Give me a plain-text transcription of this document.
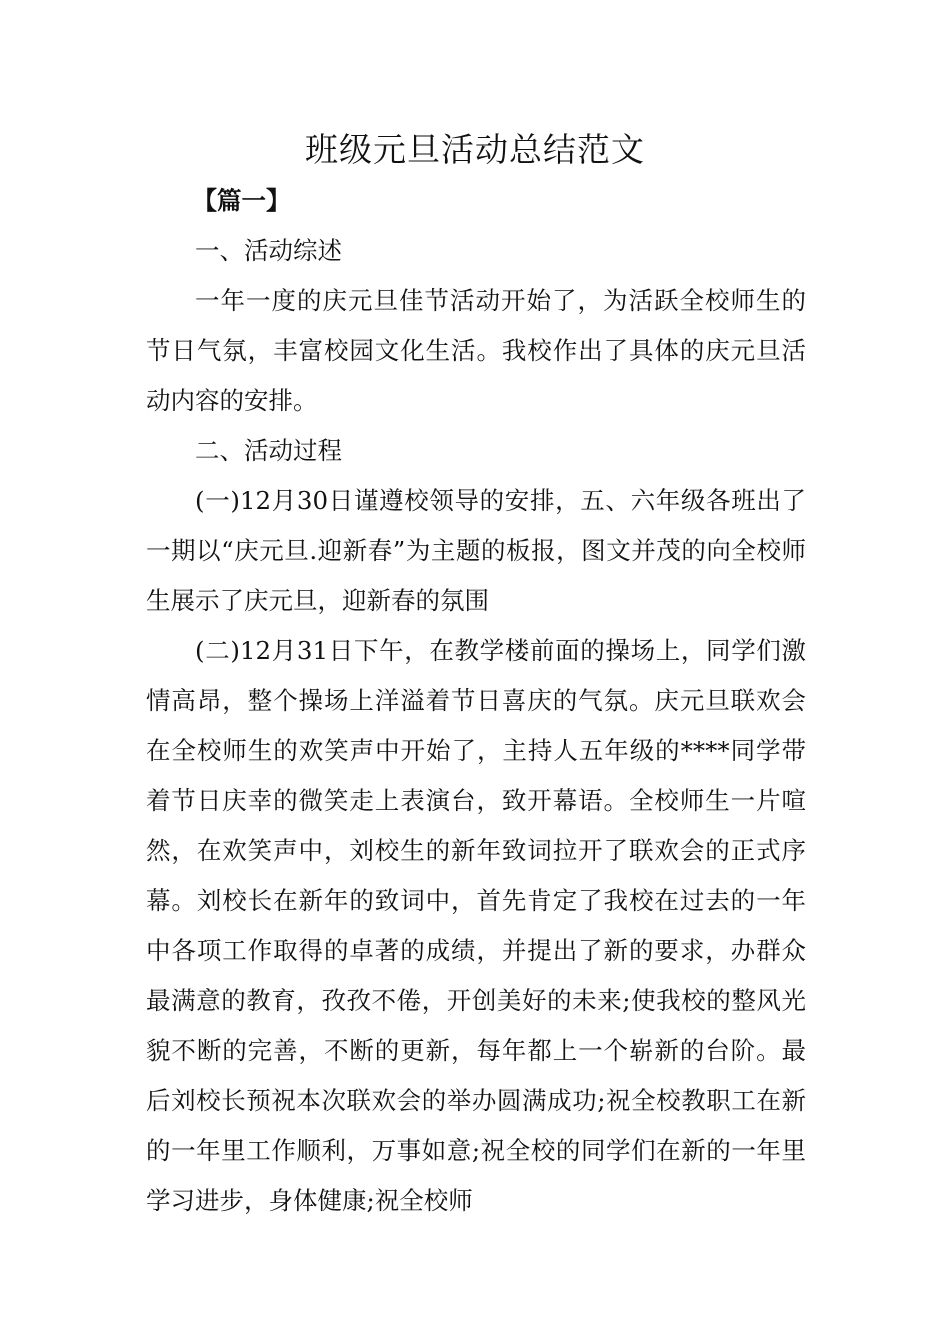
班级元旦活动总结范文

【篇一】

一、活动综述

一年一度的庆元旦佳节活动开始了，为活跃全校师生的节日气氛，丰富校园文化生活。我校作出了具体的庆元旦活动内容的安排。

二、活动过程

(一)12月30日谨遵校领导的安排，五、六年级各班出了一期以“庆元旦.迎新春”为主题的板报，图文并茂的向全校师生展示了庆元旦，迎新春的氛围

(二)12月31日下午，在教学楼前面的操场上，同学们激情高昂，整个操场上洋溢着节日喜庆的气氛。庆元旦联欢会在全校师生的欢笑声中开始了，主持人五年级的****同学带着节日庆幸的微笑走上表演台，致开幕语。全校师生一片喧然，在欢笑声中，刘校生的新年致词拉开了联欢会的正式序幕。刘校长在新年的致词中，首先肯定了我校在过去的一年中各项工作取得的卓著的成绩，并提出了新的要求，办群众最满意的教育，孜孜不倦，开创美好的未来;使我校的整风光貌不断的完善，不断的更新，每年都上一个崭新的台阶。最后刘校长预祝本次联欢会的举办圆满成功;祝全校教职工在新的一年里工作顺利，万事如意;祝全校的同学们在新的一年里学习进步，身体健康;祝全校师
